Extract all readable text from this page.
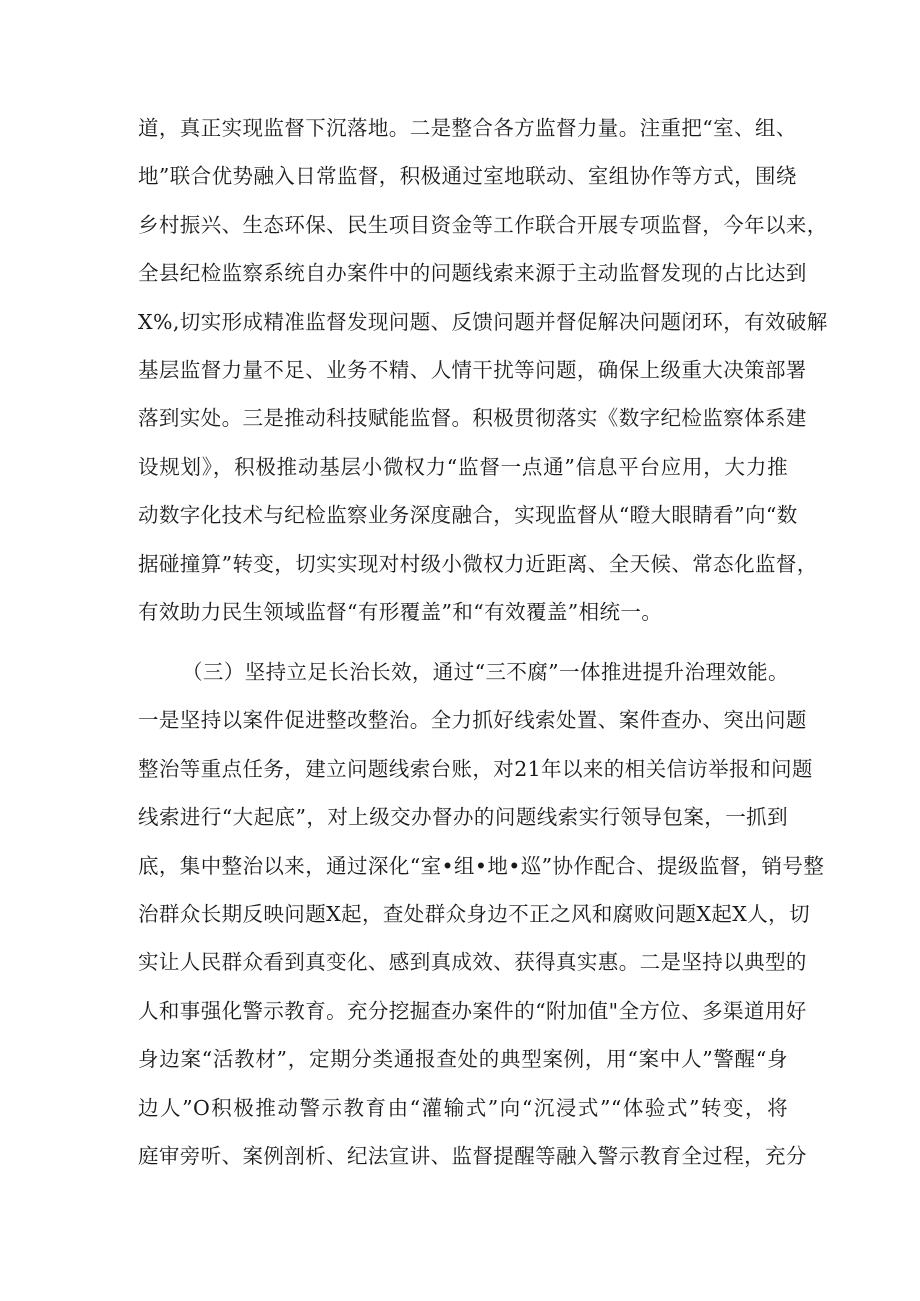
道，真正实现监督下沉落地。二是整合各方监督力量。注重把“室、组、
地”联合优势融入日常监督，积极通过室地联动、室组协作等方式，围绕
乡村振兴、生态环保、民生项目资金等工作联合开展专项监督，今年以来，
全县纪检监察系统自办案件中的问题线索来源于主动监督发现的占比达到
X%,切实形成精准监督发现问题、反馈问题并督促解决问题闭环，有效破解
基层监督力量不足、业务不精、人情干扰等问题，确保上级重大决策部署
落到实处。三是推动科技赋能监督。积极贯彻落实《数字纪检监察体系建
设规划》，积极推动基层小微权力“监督一点通”信息平台应用，大力推
动数字化技术与纪检监察业务深度融合，实现监督从“瞪大眼睛看”向“数
据碰撞算”转变，切实实现对村级小微权力近距离、全天候、常态化监督，
有效助力民生领域监督“有形覆盖”和“有效覆盖”相统一。
（三）坚持立足长治长效，通过“三不腐”一体推进提升治理效能。
一是坚持以案件促进整改整治。全力抓好线索处置、案件查办、突出问题
整治等重点任务，建立问题线索台账，对21年以来的相关信访举报和问题
线索进行“大起底”，对上级交办督办的问题线索实行领导包案，一抓到
底，集中整治以来，通过深化“室•组•地•巡”协作配合、提级监督，销号整
治群众长期反映问题X起，查处群众身边不正之风和腐败问题X起X人，切
实让人民群众看到真变化、感到真成效、获得真实惠。二是坚持以典型的
人和事强化警示教育。充分挖掘查办案件的“附加值"全方位、多渠道用好
身边案“活教材”，定期分类通报查处的典型案例，用“案中人”警醒“身
边人”O积极推动警示教育由“灌输式”向“沉浸式”“体验式”转变，将
庭审旁听、案例剖析、纪法宣讲、监督提醒等融入警示教育全过程，充分
